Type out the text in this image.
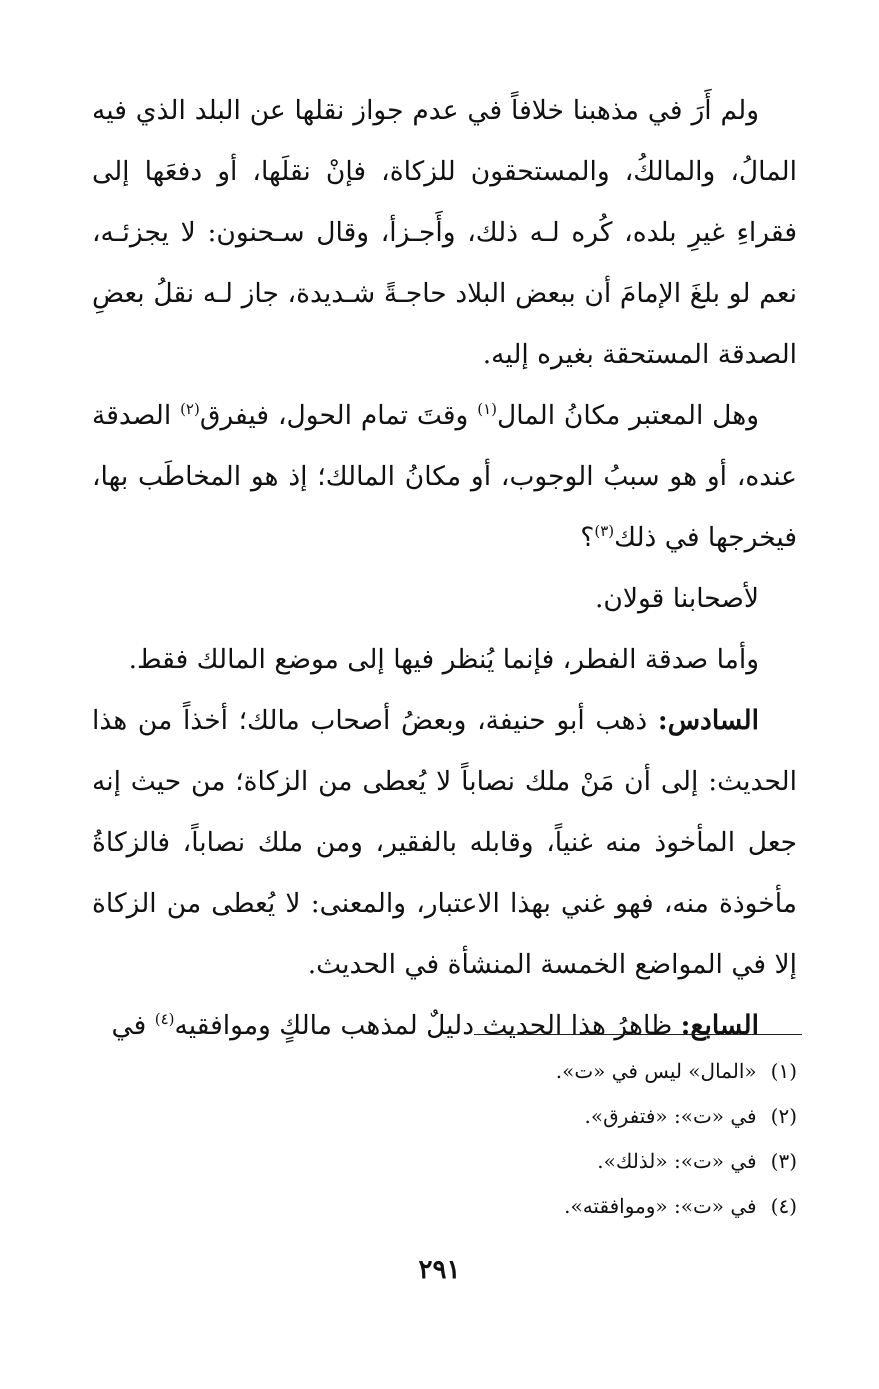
ولم أَرَ في مذهبنا خلافاً في عدم جواز نقلها عن البلد الذي فيه المالُ، والمالكُ، والمستحقون للزكاة، فإنْ نقلَها، أو دفعَها إلى فقراءِ غيرِ بلده، كُره لـه ذلك، وأَجـزأ، وقال سـحنون: لا يجزئـه، نعم لو بلغَ الإمامَ أن ببعض البلاد حاجـةً شـديدة، جاز لـه نقلُ بعضِ الصدقة المستحقة بغيره إليه.

وهل المعتبر مكانُ المال$^{(١)}$ وقتَ تمام الحول، فيفرق$^{(٢)}$ الصدقة عنده، أو هو سببُ الوجوب، أو مكانُ المالك؛ إذ هو المخاطَب بها، فيخرجها في ذلك$^{(٣)}$؟

لأصحابنا قولان.

وأما صدقة الفطر، فإنما يُنظر فيها إلى موضع المالك فقط.

السادس: ذهب أبو حنيفة، وبعضُ أصحاب مالك؛ أخذاً من هذا الحديث: إلى أن مَنْ ملك نصاباً لا يُعطى من الزكاة؛ من حيث إنه جعل المأخوذ منه غنياً، وقابله بالفقير، ومن ملك نصاباً، فالزكاةُ مأخوذة منه، فهو غني بهذا الاعتبار، والمعنى: لا يُعطى من الزكاة إلا في المواضع الخمسة المنشأة في الحديث.

السابع: ظاهرُ هذا الحديث دليلٌ لمذهب مالكٍ وموافقيه$^{(٤)}$ في

(١)«المال» ليس في «ت».
(٢)في «ت»: «فتفرق».
(٣)في «ت»: «لذلك».
(٤)في «ت»: «وموافقته».
٢٩١
